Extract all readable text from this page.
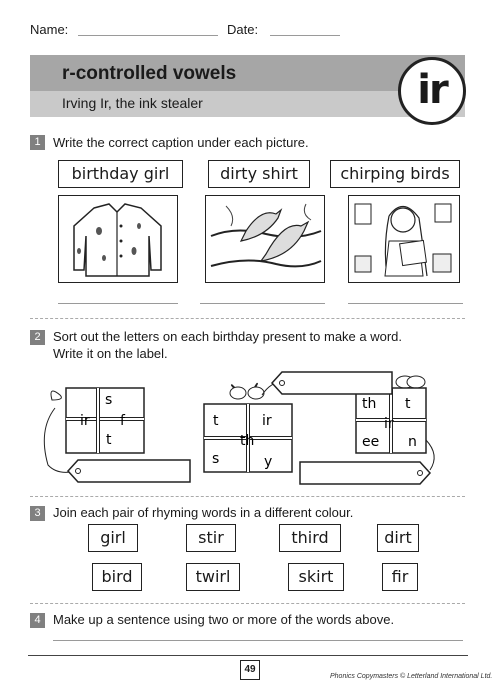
Name:	Date:
r-controlled vowels
Irving Ir, the ink stealer	ir
1 Write the correct caption under each picture.
birthday girl	dirty shirt	chirping birds
2 Sort out the letters on each birthday present to make a word.
Write it on the label.
s
ir f
t
t	ir
th
s	y
th t
ir
ee n
3 Join each pair of rhyming words in a different colour.
girl	stir	third	dirt
bird	twirl	skirt	fir
4 Make up a sentence using two or more of the words above.
49
Phonics Copymasters © Letterland International Ltd.
